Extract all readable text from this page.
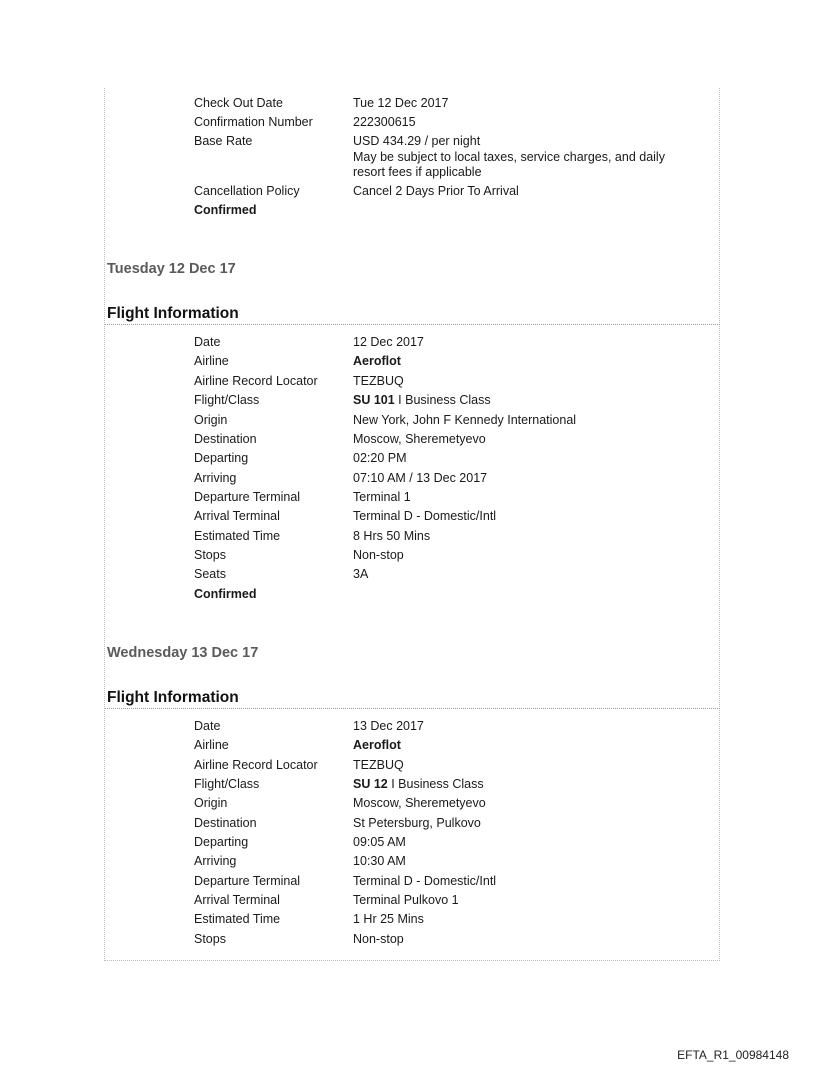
Check Out Date	Tue 12 Dec 2017
Confirmation Number	222300615
Base Rate	USD 434.29 / per night
May be subject to local taxes, service charges, and daily
resort fees if applicable
Cancellation Policy	Cancel 2 Days Prior To Arrival
Confirmed
Tuesday 12 Dec 17
Flight Information
Date	12 Dec 2017
Airline	Aeroflot
Airline Record Locator	TEZBUQ
Flight/Class	SU 101 I Business Class
Origin	New York, John F Kennedy International
Destination	Moscow, Sheremetyevo
Departing	02:20 PM
Arriving	07:10 AM / 13 Dec 2017
Departure Terminal	Terminal 1
Arrival Terminal	Terminal D - Domestic/Intl
Estimated Time	8 Hrs 50 Mins
Stops	Non-stop
Seats	3A
Confirmed
Wednesday 13 Dec 17
Flight Information
Date	13 Dec 2017
Airline	Aeroflot
Airline Record Locator	TEZBUQ
Flight/Class	SU 12 I Business Class
Origin	Moscow, Sheremetyevo
Destination	St Petersburg, Pulkovo
Departing	09:05 AM
Arriving	10:30 AM
Departure Terminal	Terminal D - Domestic/Intl
Arrival Terminal	Terminal Pulkovo 1
Estimated Time	1 Hr 25 Mins
Stops	Non-stop
EFTA_R1_00984148
